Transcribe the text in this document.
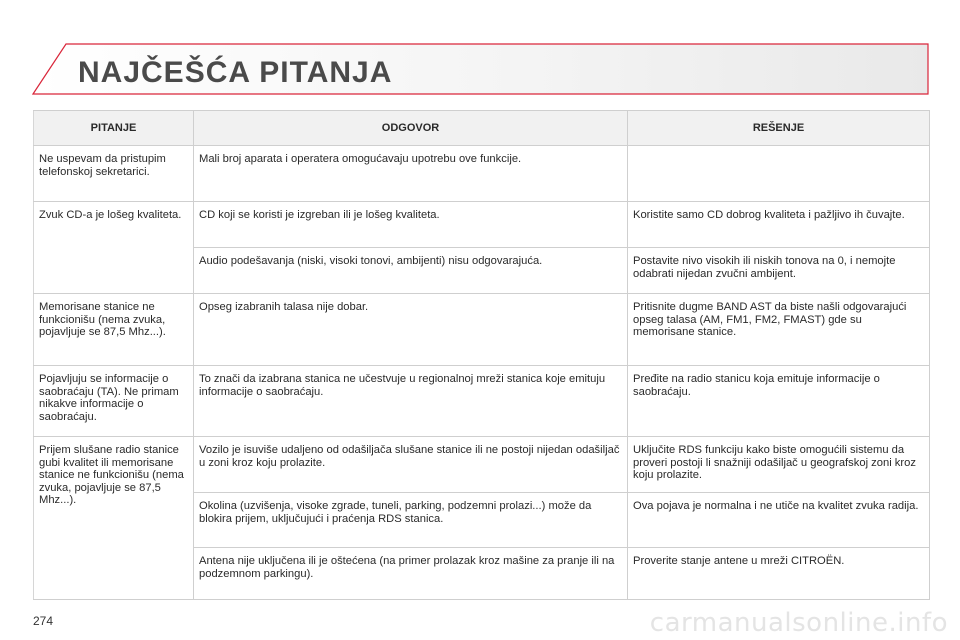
NAJČEŠĆA PITANJA
PITANJE	ODGOVOR	REŠENJE
Ne uspevam da pristupim telefonskoj sekretarici.	Mali broj aparata i operatera omogućavaju upotrebu ove funkcije.	
Zvuk CD-a je lošeg kvaliteta.	CD koji se koristi je izgreban ili je lošeg kvaliteta.	Koristite samo CD dobrog kvaliteta i pažljivo ih čuvajte.
	Audio podešavanja (niski, visoki tonovi, ambijenti) nisu odgovarajuća.	Postavite nivo visokih ili niskih tonova na 0, i nemojte odabrati nijedan zvučni ambijent.
Memorisane stanice ne funkcionišu (nema zvuka, pojavljuje se 87,5 Mhz...).	Opseg izabranih talasa nije dobar.	Pritisnite dugme BAND AST da biste našli odgovarajući opseg talasa (AM, FM1, FM2, FMAST) gde su memorisane stanice.
Pojavljuju se informacije o saobraćaju (TA). Ne primam nikakve informacije o saobraćaju.	To znači da izabrana stanica ne učestvuje u regionalnoj mreži stanica koje emituju informacije o saobraćaju.	Pređite na radio stanicu koja emituje informacije o saobraćaju.
Prijem slušane radio stanice gubi kvalitet ili memorisane stanice ne funkcionišu (nema zvuka, pojavljuje se 87,5 Mhz...).	Vozilo je isuviše udaljeno od odašiljača slušane stanice ili ne postoji nijedan odašiljač u zoni kroz koju prolazite.	Uključite RDS funkciju kako biste omogućili sistemu da proveri postoji li snažniji odašiljač u geografskoj zoni kroz koju prolazite.
	Okolina (uzvišenja, visoke zgrade, tuneli, parking, podzemni prolazi...) može da blokira prijem, uključujući i praćenja RDS stanica.	Ova pojava je normalna i ne utiče na kvalitet zvuka radija.
	Antena nije uključena ili je oštećena (na primer prolazak kroz mašine za pranje ili na podzemnom parkingu).	Proverite stanje antene u mreži CITROËN.
274	carmanualsonline.info
